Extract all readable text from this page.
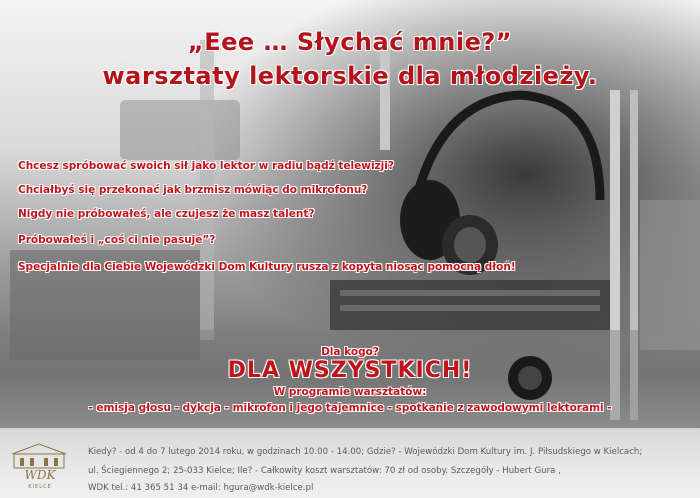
„Eee … Słychać mnie?”
warsztaty lektorskie dla młodzieży.
Chcesz spróbować swoich sił jako lektor w radiu bądź telewizji?
Chciałbyś się przekonać jak brzmisz mówiąc do mikrofonu?
Nigdy nie próbowałeś, ale czujesz że masz talent?
Próbowałeś i „coś ci nie pasuje”?
Specjalnie dla Ciebie Wojewódzki Dom Kultury rusza z kopyta niosąc pomocną dłoń!
Dla kogo?
DLA WSZYSTKICH!
W programie warsztatów:
- emisja głosu - dykcja - mikrofon i jego tajemnice - spotkanie z zawodowymi lektorami -
WDK
KIELCE
Kiedy? - od 4 do 7 lutego 2014 roku, w godzinach 10.00 - 14.00; Gdzie? - Wojewódzki Dom Kultury im. J. Piłsudskiego w Kielcach;
ul. Ściegiennego 2; 25-033 Kielce; Ile? - Całkowity koszt warsztatów: 70 zł od osoby. Szczegóły - Hubert Gura ,
WDK tel.: 41 365 51 34 e-mail: hgura@wdk-kielce.pl
